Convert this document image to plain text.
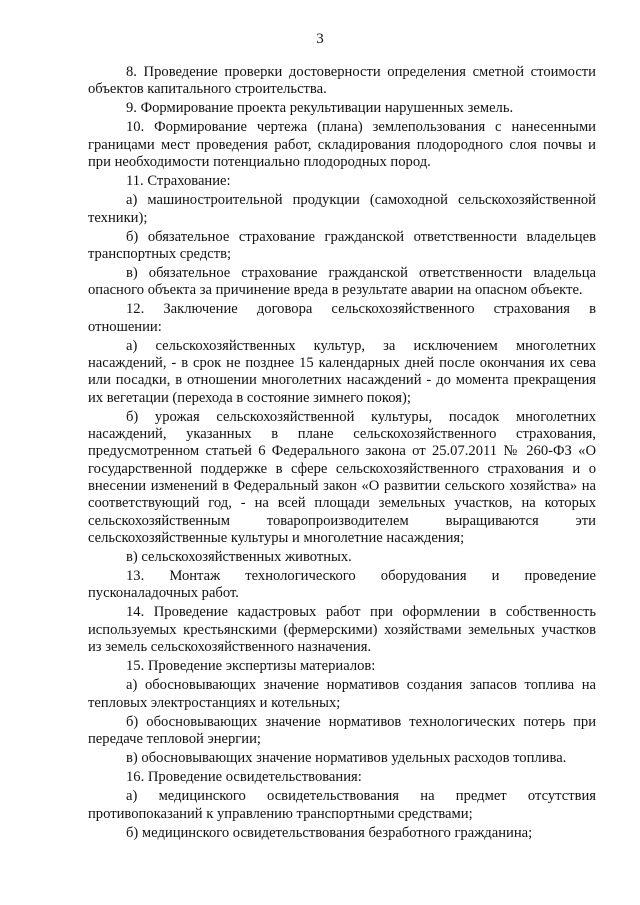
3

8. Проведение проверки достоверности определения сметной стоимости объектов капитального строительства.

9. Формирование проекта рекультивации нарушенных земель.

10. Формирование чертежа (плана) землепользования с нанесенными границами мест проведения работ, складирования плодородного слоя почвы и при необходимости потенциально плодородных пород.

11. Страхование:

а) машиностроительной продукции (самоходной сельскохозяйственной техники);

б) обязательное страхование гражданской ответственности владельцев транспортных средств;

в) обязательное страхование гражданской ответственности владельца опасного объекта за причинение вреда в результате аварии на опасном объекте.

12. Заключение договора сельскохозяйственного страхования в отношении:

а) сельскохозяйственных культур, за исключением многолетних насаждений, - в срок не позднее 15 календарных дней после окончания их сева или посадки, в отношении многолетних насаждений - до момента прекращения их вегетации (перехода в состояние зимнего покоя);

б) урожая сельскохозяйственной культуры, посадок многолетних насаждений, указанных в плане сельскохозяйственного страхования, предусмотренном статьей 6 Федерального закона от 25.07.2011 № 260-ФЗ «О государственной поддержке в сфере сельскохозяйственного страхования и о внесении изменений в Федеральный закон «О развитии сельского хозяйства» на соответствующий год, - на всей площади земельных участков, на которых сельскохозяйственным товаропроизводителем выращиваются эти сельскохозяйственные культуры и многолетние насаждения;

в) сельскохозяйственных животных.

13. Монтаж технологического оборудования и проведение пусконаладочных работ.

14. Проведение кадастровых работ при оформлении в собственность используемых крестьянскими (фермерскими) хозяйствами земельных участков из земель сельскохозяйственного назначения.

15. Проведение экспертизы материалов:

а) обосновывающих значение нормативов создания запасов топлива на тепловых электростанциях и котельных;

б) обосновывающих значение нормативов технологических потерь при передаче тепловой энергии;

в) обосновывающих значение нормативов удельных расходов топлива.

16. Проведение освидетельствования:

а) медицинского освидетельствования на предмет отсутствия противопоказаний к управлению транспортными средствами;

б) медицинского освидетельствования безработного гражданина;
